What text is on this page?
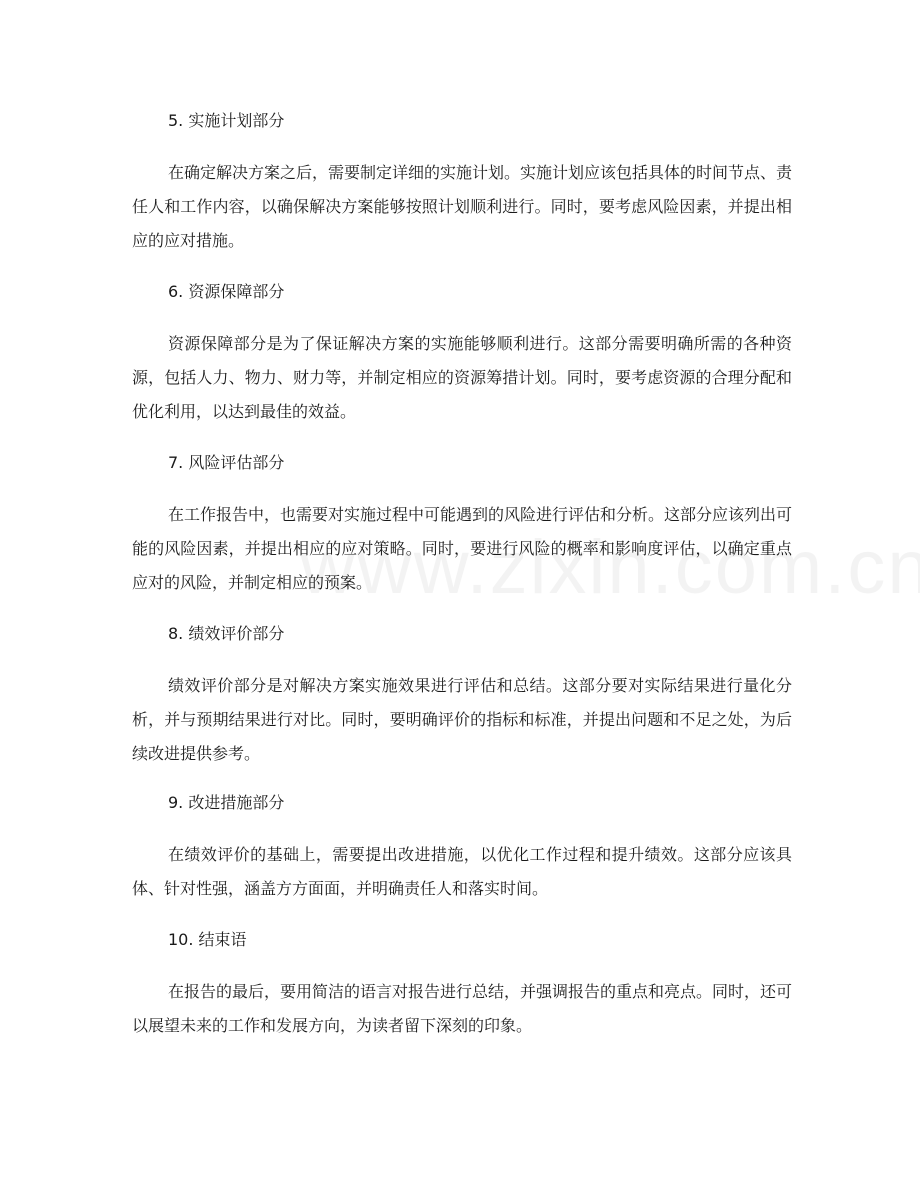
5. 实施计划部分

在确定解决方案之后，需要制定详细的实施计划。实施计划应该包括具体的时间节点、责任人和工作内容，以确保解决方案能够按照计划顺利进行。同时，要考虑风险因素，并提出相应的应对措施。

6. 资源保障部分

资源保障部分是为了保证解决方案的实施能够顺利进行。这部分需要明确所需的各种资源，包括人力、物力、财力等，并制定相应的资源筹措计划。同时，要考虑资源的合理分配和优化利用，以达到最佳的效益。

7. 风险评估部分

在工作报告中，也需要对实施过程中可能遇到的风险进行评估和分析。这部分应该列出可能的风险因素，并提出相应的应对策略。同时，要进行风险的概率和影响度评估，以确定重点应对的风险，并制定相应的预案。

8. 绩效评价部分

绩效评价部分是对解决方案实施效果进行评估和总结。这部分要对实际结果进行量化分析，并与预期结果进行对比。同时，要明确评价的指标和标准，并提出问题和不足之处，为后续改进提供参考。

9. 改进措施部分

在绩效评价的基础上，需要提出改进措施，以优化工作过程和提升绩效。这部分应该具体、针对性强，涵盖方方面面，并明确责任人和落实时间。

10. 结束语

在报告的最后，要用简洁的语言对报告进行总结，并强调报告的重点和亮点。同时，还可以展望未来的工作和发展方向，为读者留下深刻的印象。
